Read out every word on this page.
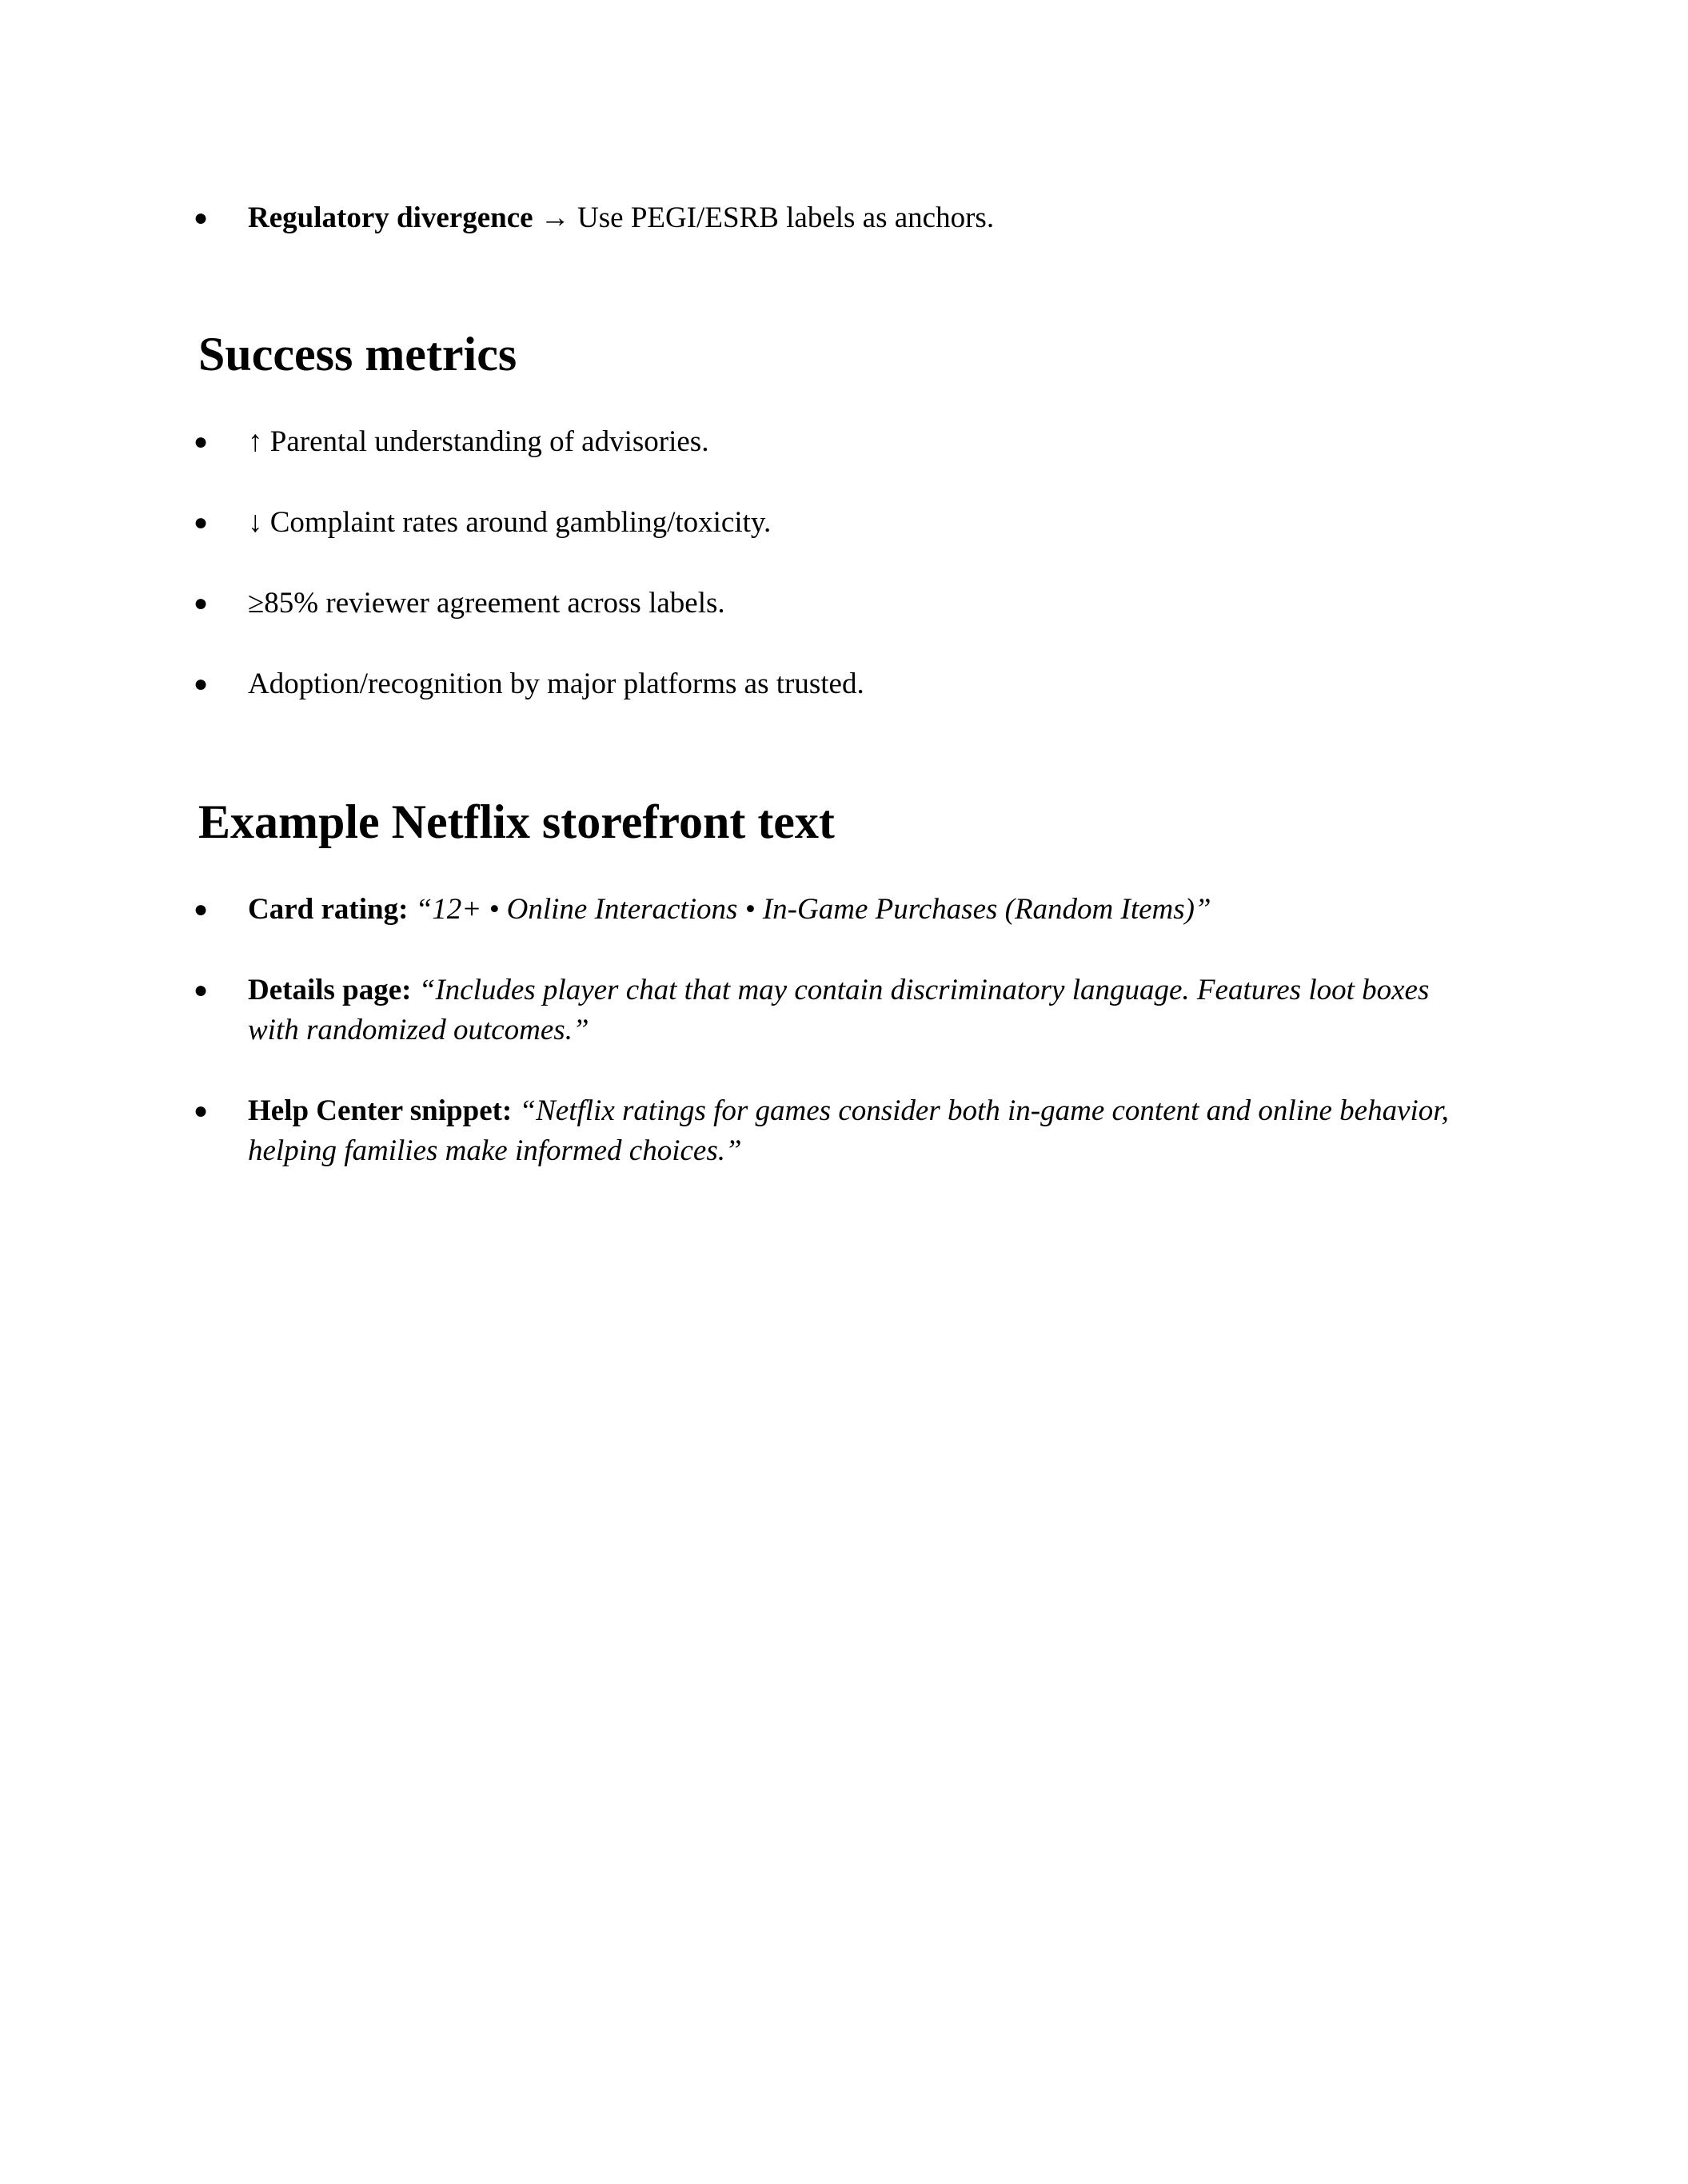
● Regulatory divergence → Use PEGI/ESRB labels as anchors.

Success metrics

● ↑ Parental understanding of advisories.

● ↓ Complaint rates around gambling/toxicity.

● ≥85% reviewer agreement across labels.

● Adoption/recognition by major platforms as trusted.

Example Netflix storefront text

● Card rating: “12+ • Online Interactions • In-Game Purchases (Random Items)”

● Details page: “Includes player chat that may contain discriminatory language. Features loot boxes with randomized outcomes.”

● Help Center snippet: “Netflix ratings for games consider both in-game content and online behavior, helping families make informed choices.”
